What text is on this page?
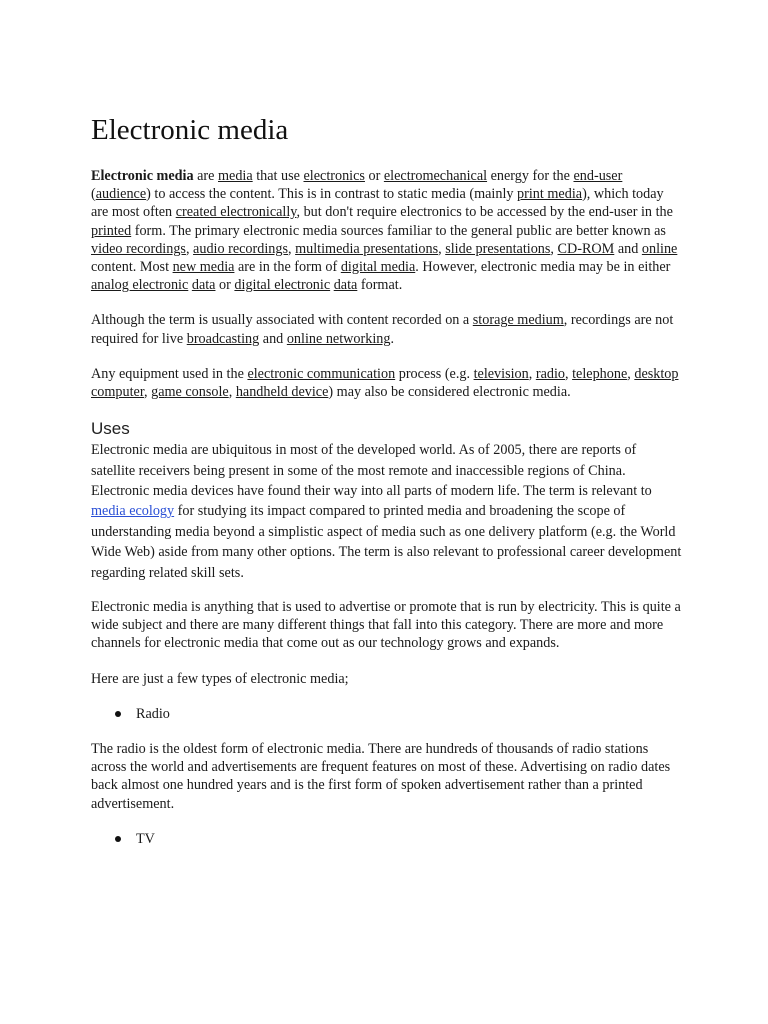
Electronic media

Electronic media are media that use electronics or electromechanical energy for the end-user (audience) to access the content. This is in contrast to static media (mainly print media), which today are most often created electronically, but don't require electronics to be accessed by the end-user in the printed form. The primary electronic media sources familiar to the general public are better known as video recordings, audio recordings, multimedia presentations, slide presentations, CD-ROM and online content. Most new media are in the form of digital media. However, electronic media may be in either analog electronic data or digital electronic data format.

Although the term is usually associated with content recorded on a storage medium, recordings are not required for live broadcasting and online networking.

Any equipment used in the electronic communication process (e.g. television, radio, telephone, desktop computer, game console, handheld device) may also be considered electronic media.

Uses

Electronic media are ubiquitous in most of the developed world. As of 2005, there are reports of satellite receivers being present in some of the most remote and inaccessible regions of China. Electronic media devices have found their way into all parts of modern life. The term is relevant to media ecology for studying its impact compared to printed media and broadening the scope of understanding media beyond a simplistic aspect of media such as one delivery platform (e.g. the World Wide Web) aside from many other options. The term is also relevant to professional career development regarding related skill sets.

Electronic media is anything that is used to advertise or promote that is run by electricity. This is quite a wide subject and there are many different things that fall into this category. There are more and more channels for electronic media that come out as our technology grows and expands.

Here are just a few types of electronic media;

Radio

The radio is the oldest form of electronic media. There are hundreds of thousands of radio stations across the world and advertisements are frequent features on most of these. Advertising on radio dates back almost one hundred years and is the first form of spoken advertisement rather than a printed advertisement.

TV
